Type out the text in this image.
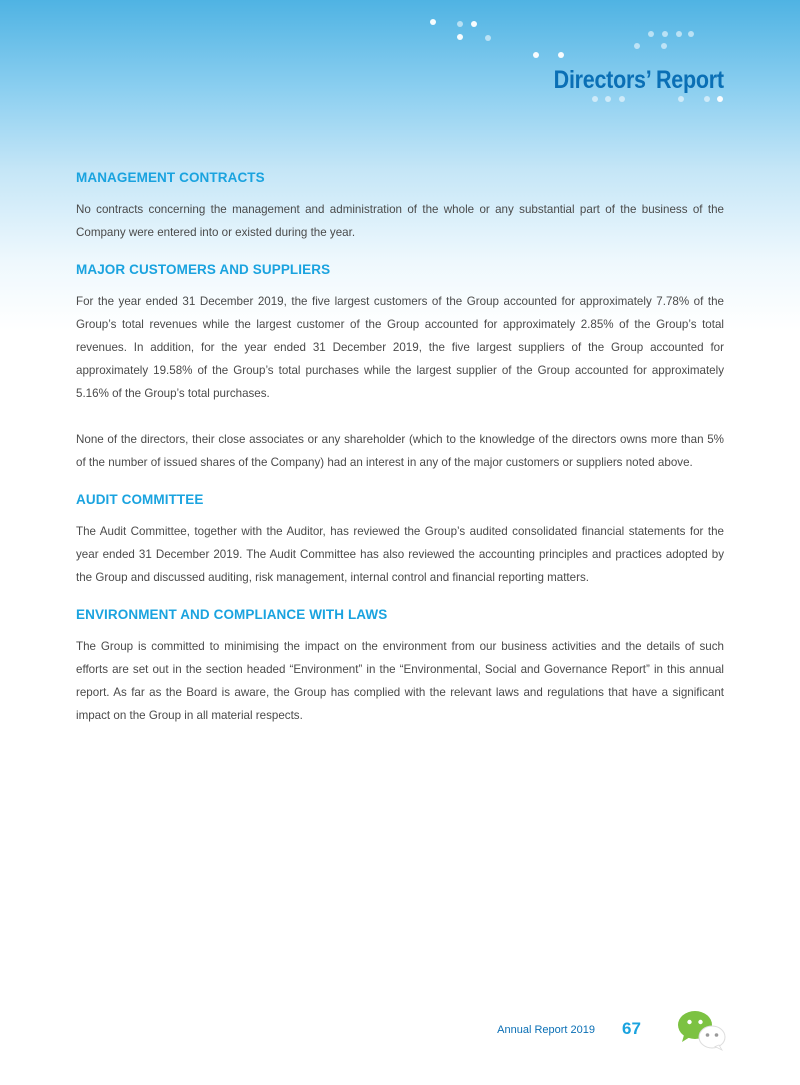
Directors’ Report
MANAGEMENT CONTRACTS

No contracts concerning the management and administration of the whole or any substantial part of the business of the Company were entered into or existed during the year.

MAJOR CUSTOMERS AND SUPPLIERS

For the year ended 31 December 2019, the five largest customers of the Group accounted for approximately 7.78% of the Group’s total revenues while the largest customer of the Group accounted for approximately 2.85% of the Group’s total revenues. In addition, for the year ended 31 December 2019, the five largest suppliers of the Group accounted for approximately 19.58% of the Group’s total purchases while the largest supplier of the Group accounted for approximately 5.16% of the Group’s total purchases.

None of the directors, their close associates or any shareholder (which to the knowledge of the directors owns more than 5% of the number of issued shares of the Company) had an interest in any of the major customers or suppliers noted above.

AUDIT COMMITTEE

The Audit Committee, together with the Auditor, has reviewed the Group’s audited consolidated financial statements for the year ended 31 December 2019. The Audit Committee has also reviewed the accounting principles and practices adopted by the Group and discussed auditing, risk management, internal control and financial reporting matters.

ENVIRONMENT AND COMPLIANCE WITH LAWS

The Group is committed to minimising the impact on the environment from our business activities and the details of such efforts are set out in the section headed “Environment” in the “Environmental, Social and Governance Report” in this annual report. As far as the Board is aware, the Group has complied with the relevant laws and regulations that have a significant impact on the Group in all material respects.

Annual Report 2019 67
